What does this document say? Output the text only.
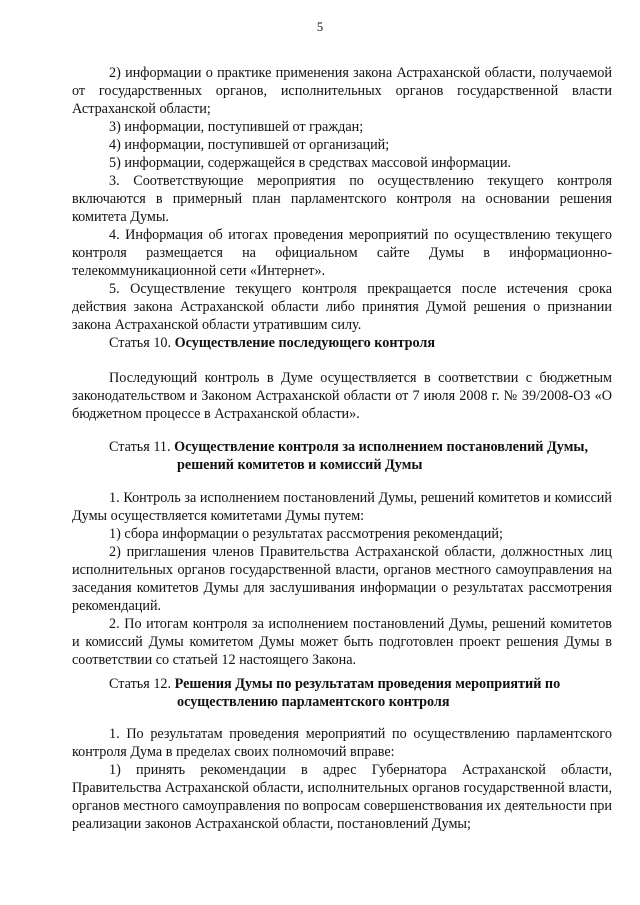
5

2) информации о практике применения закона Астраханской области, получаемой от государственных органов, исполнительных органов государственной власти Астраханской области;

3) информации, поступившей от граждан;

4) информации, поступившей от организаций;

5) информации, содержащейся в средствах массовой информации.

3. Соответствующие мероприятия по осуществлению текущего контроля включаются в примерный план парламентского контроля на основании решения комитета Думы.

4. Информация об итогах проведения мероприятий по осуществлению текущего контроля размещается на официальном сайте Думы в информационно-телекоммуникационной сети «Интернет».

5. Осуществление текущего контроля прекращается после истечения срока действия закона Астраханской области либо принятия Думой решения о признании закона Астраханской области утратившим силу.

Статья 10. Осуществление последующего контроля

Последующий контроль в Думе осуществляется в соответствии с бюджетным законодательством и Законом Астраханской области от 7 июля 2008 г. № 39/2008-ОЗ «О бюджетном процессе в Астраханской области».

Статья 11. Осуществление контроля за исполнением постановлений Думы,

решений комитетов и комиссий Думы

1. Контроль за исполнением постановлений Думы, решений комитетов и комиссий Думы осуществляется комитетами Думы путем:

1) сбора информации о результатах рассмотрения рекомендаций;

2) приглашения членов Правительства Астраханской области, должностных лиц исполнительных органов государственной власти, органов местного самоуправления на заседания комитетов Думы для заслушивания информации о результатах рассмотрения рекомендаций.

2. По итогам контроля за исполнением постановлений Думы, решений комитетов и комиссий Думы комитетом Думы может быть подготовлен проект решения Думы в соответствии со статьей 12 настоящего Закона.

Статья 12. Решения Думы по результатам проведения мероприятий по

осуществлению парламентского контроля

1. По результатам проведения мероприятий по осуществлению парламентского контроля Дума в пределах своих полномочий вправе:

1) принять рекомендации в адрес Губернатора Астраханской области, Правительства Астраханской области, исполнительных органов государственной власти, органов местного самоуправления по вопросам совершенствования их деятельности при реализации законов Астраханской области, постановлений Думы;
